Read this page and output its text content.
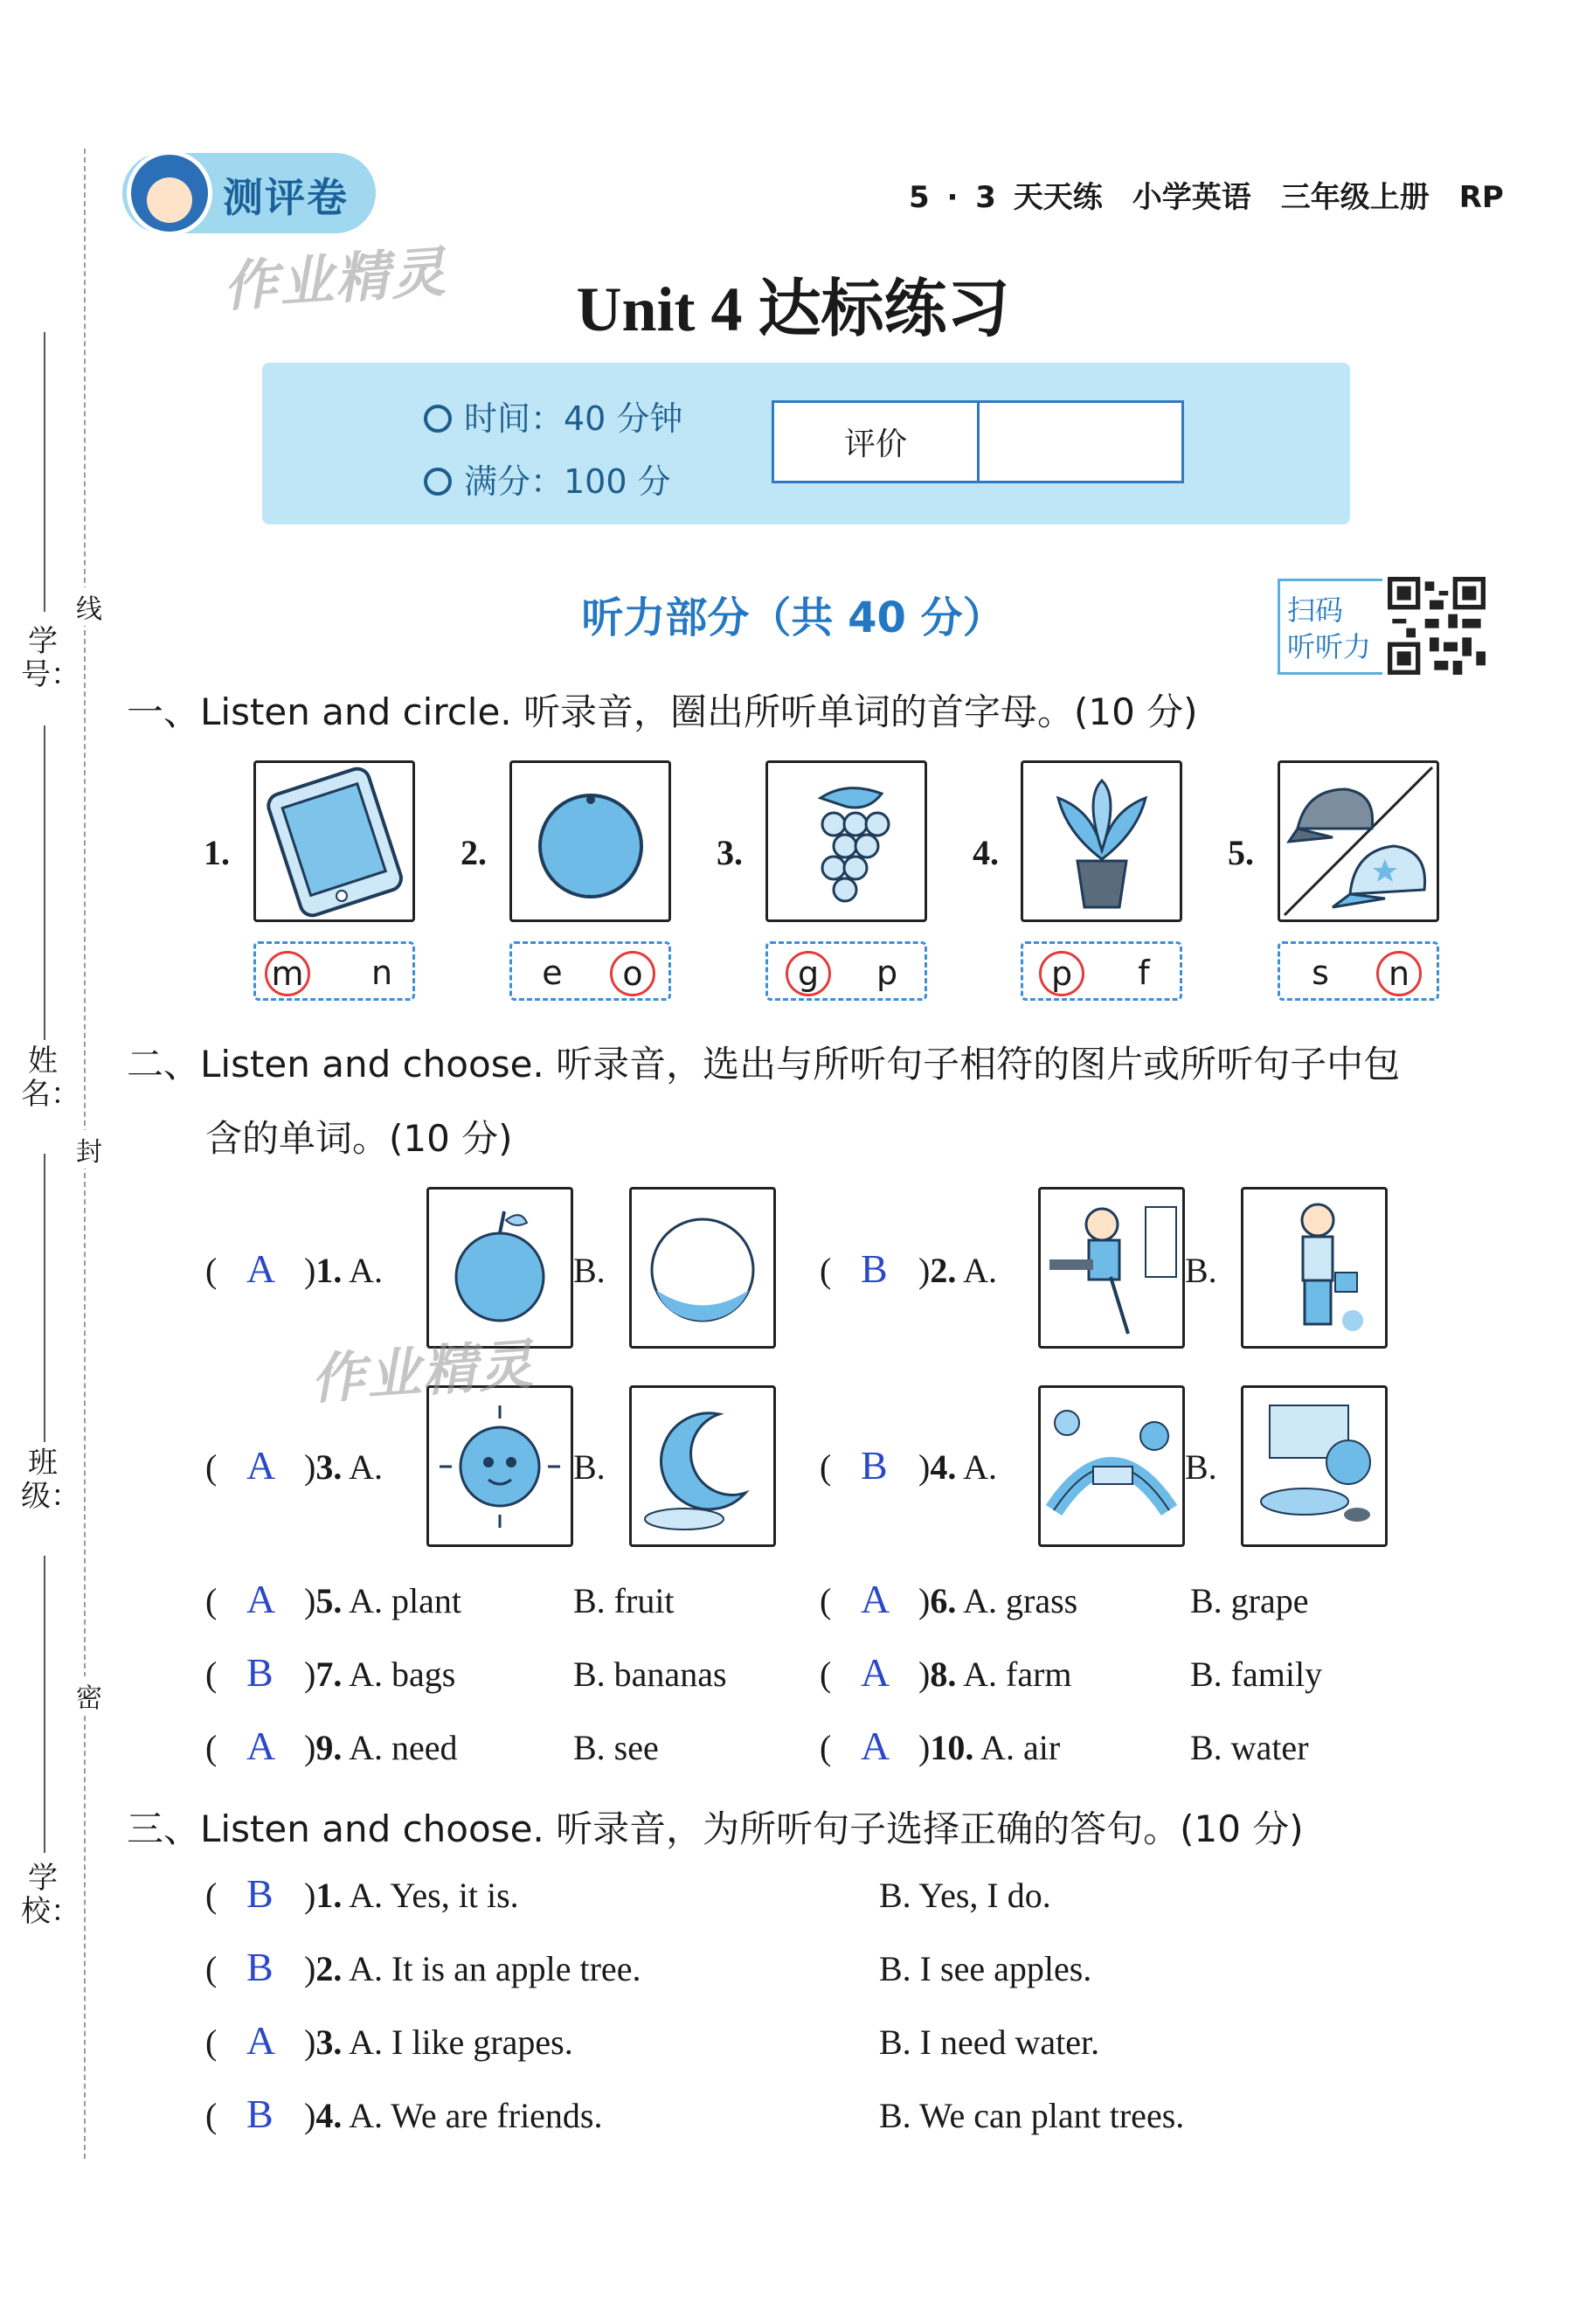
学号：
姓名：
班级：
学校：
线
封
密
测评卷	5 · 3 天天练　小学英语　三年级上册　RP
作业精灵	Unit 4 达标练习
时间：40 分钟
满分：100 分
评价
听力部分（共 40 分）	扫码
听听力
一、Listen and circle. 听录音，圈出所听单词的首字母。(10 分)
1.
m	n
2.
e	o
3.
g	p
4.
p	f
5.
s	n
二、Listen and choose. 听录音，选出与所听句子相符的图片或所听句子中包
含的单词。(10 分)
( A )1. A.	B.	( B )2. A.	B.
( A )3. A.	B.	( B )4. A.	B.
( A )5. A. plant	B. fruit	( A )6. A. grass	B. grape
( B )7. A. bags	B. bananas	( A )8. A. farm	B. family
( A )9. A. need	B. see	( A )10. A. air	B. water
作业精灵
三、Listen and choose. 听录音，为所听句子选择正确的答句。(10 分)
( B )1. A. Yes, it is.	B. Yes, I do.
( B )2. A. It is an apple tree.	B. I see apples.
( A )3. A. I like grapes.	B. I need water.
( B )4. A. We are friends.	B. We can plant trees.
